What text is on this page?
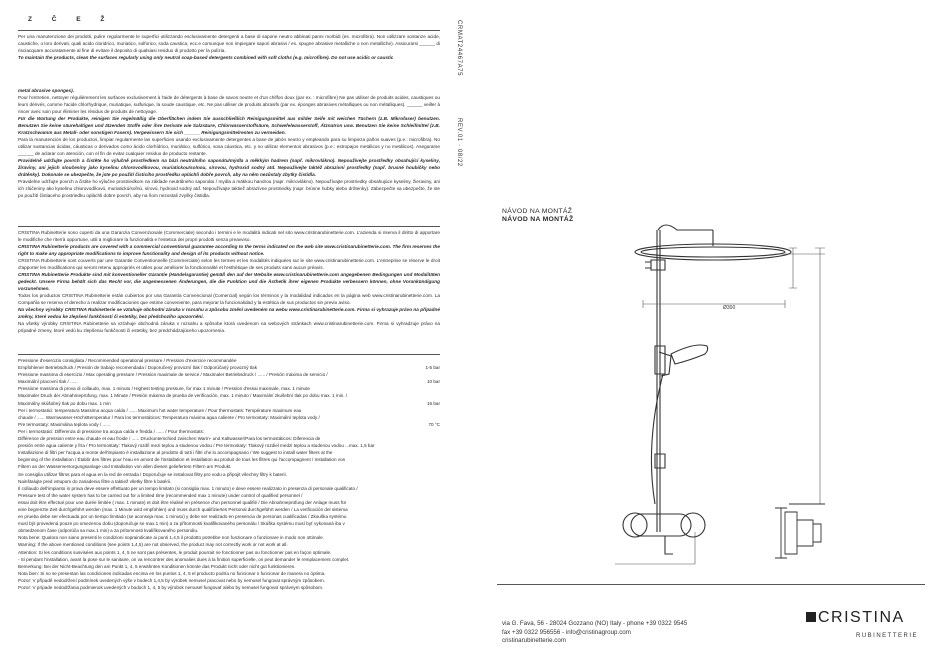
Z Č E Ž

Per una manutenzione dei prodotti, pulire regolarmente le superfici utilizzando esclusivamente detergenti a base di sapone neutro abbinati panni morbidi (es. microfibra). Non utilizzare sostanze acide, caustiche, o loro derivati, quali acido cloridrico, muriatico, solforico, soda caustica, ecc.e comunque non impiegare sapori abrasivi / es. spugne abrasive metalliche o non metalliche). Assicurarsi ______ di risciacquare accuratamente al fine di evitare il deposito di qualsiasi residuo di prodotto per la pulizia.

To maintain the products, clean the surfaces regularly using only neutral soap-based detergents combined with soft cloths (e.g. microfibre). Do not use acidic or caustic

metal abrasive sponges).

Pour l'entretien, nettoyer régulièrement les surfaces exclusivement à l'aide de détergents à base de savon neutre et d'un chiffon doux (par ex. : microfibre) Ne pas utiliser de produits acides, caustiques ou leurs dérivés, comme l'acide chlorhydrique, muriatique, sulfurique, la soude caustique, etc. Ne pas utiliser de produits abrasifs (par ex. éponges abrasives métalliques ou non métalliques). ______ veiller à rincer avec soin pour éliminer les résidus de produits de nettoyage.

Für die Wartung der Produkte, reinigen Sie regelmäßig die Oberflächen indem Sie ausschließlich Reinigungsmittel aus milder Seife mit weichen Tüchern (z.B. Mikrofaser) benutzen. Benutzen Sie keine säurehaltigen und ätzenden Stoffe oder ihre Derivate wie Salzsäure, Chlorwasserstoffsäure, Schwefelwasserstoff, Ätznatron usw. Benutzen Sie keine Schleifmittel (z.B. Kratzschwamm aus Metall- oder sonstigen Fasern). Vergewissern Sie sich ______ Reinigungsmittelresten zu vermeiden.

Para la manutención de los productos, limpiar regularmente las superficies usando exclusivamente detergentes a base de jabón neutro y empleando para su limpieza paños suaves (p.e.: microfibra). No utilizar sustancias ácidas, cáusticas o derivados como ácido clorhídrico, muriático, sulfúrico, sosa cáustica, etc. y no utilizar elementos abrasivos (p.e.: estropajos metálicos y no metálicos). Asegurarse ______ de aclarar con atención, con el fin de evitar cualquier residuo de producto restante.

Pravidelně udržujte povrch a čistěte ho výlučně prostředkem na bázi neutrálního saponátu/mýdla a měkkým hadrem (např. mikrovlákno). Nepoužívejte prostředky obsahující kyseliny, žíraviny, ani jejich sloučeniny jako kyselinu chlorovodíkovou, muriatickou/solnou, sírovou, hydroxid sodný atd. Nepoužívejte taktéž abrazivní prostředky (např. brusné houbičky nebo drátěnky). Dokonale se ubezpečte, že jste po použití čisticího prostředku opláchli dobře povrch, aby na něm nezůstaly zbytky čistidla.

Pravidelne udržujte povrch a čistite ho výlučne prostriedkom na základe neutrálneho saponátu / mydla a mäkkou handrou (napr. mikrovlákno). Nepoužívajte prostriedky obsahujúce kyseliny, žieraviny, ani ich zlúčeniny ako kyselinu chlorovodíkovú, muriatickú/soľnú, sírovú, hydroxid sodný atď. Nepoužívajte taktiež abrazívne prostriedky (napr. brúsne hubky alebo drôtenky). Zabezpečte sa ubezpečte, že ste po použití čistiaceho prostriedku opláchli dobre povrch, aby na ňom nezostali zvyšky čistidla.

CRISTINA Rubinetterie sono coperti da una Garanzia Convenzionale (Commerciale) secondo i termini e le modalità indicati nel sito www.cristinarubinetterie.com. L'azienda si riserva il diritto di apportare le modifiche che riterrà opportune, utili a migliorare la funzionalità e l'estetica dei propri prodotti senza preavviso.

CRISTINA Rubinetterie products are covered with a commercial conventional guarantee according to the terms indicated on the web site www.cristinarubinetterie.com. The firm reserves the right to make any appropriate modifications to improve functionality and design of its products without notice.

CRISTINA Rubinetterie sont couverts par une Garantie Conventionnelle (Commerciale) selon les termes et les modalités indiquées sur le site www.cristinarubinetterie.com. L'entreprise se réserve le droit d'apporter les modifications qui seront retenu appropriés et utiles pour améliorer la fonctionnalité et l'esthétique de ses produits sans aucun préavis.

CRISTINA Rubinetterie Produkte sind mit konventioneller Garantie (Handelsgarantie) gemäß den auf der Website www.cristinarubinetterie.com angegebenen Bedingungen und Modalitäten gedeckt. Unsere Firma behält sich das Recht vor, die angemessenen Änderungen, die die Funktion und die Ästhetik ihrer eigenen Produkte verbessern können, ohne Vorankündigung vorzunehmen.

Todos los productos CRISTINA Rubinetterie están cubiertos por una Garantía Convencional (Comercial) según los términos y la modalidad indicados en la página web www.cristinarubinetterie.com. La Compañía se reserva el derecho a realizar modificaciones que estime conveniente, para mejorar la funcionalidad y la estética de sus productos sin previo aviso.

Na všechny výrobky CRISTINA Rubinetterie se vztahuje obchodní záruka v rozsahu a způsobu změní uvedeném na webu www.cristinarubinetterie.com. Firma si vyhrazuje právo na případné změny, které vedou ke zlepšení funkčnosti či estetiky, bez předchozího upozornění.

Na všetky výrobky CRISTINA Rubinetterie sa vzťahuje obchodná záruka v rozsahu a spôsobe ktorá uvedenom na webových stránkach www.cristinarubinetterie.com. Firma si vyhradzuje právo na prípadné zmeny, ktoré vedú ku zlepšeniu funkčnosti či estetiky, bez predchádzajúceho upozornenia.

Pressione d'esercizio consigliata / Recommended operational pressure / Pression d'exercice recommandée

Empfohlener Betriebsdruck / Presión de trabajo recomendada / Doporučený provozní tlak / Odporúčaný provozný tlak	1-5 bar

Pressione massima di esercizio / Max operating pressure / Pression maximale de service / Maximaler Betriebsdruck / ...... / Presión máxima de servicio /

Maximální pracovní tlak / ......	10 bar

Pressione massima di prova di collaudo, max. 1 minuto / Highest testing pressure, for max 1 minute / Pression d'essai maximale, max. 1 minute

Maximaler Druck der Abnahmeprüfung, max. 1 Minute / Presión máxima de prueba de verificación, max. 1 minuto / Maximální zkušební tlak po dobu max. 1 min. /

Maximálny skúšobný tlak po dobu max. 1 min	16 bar

Per i termostatici: temperatura Massima acqua calda / ...... Maximum hot water temperature / Pour thermostats: Température maximum eau

chaude / ...... Warmwasser-Höchsttemperatur / Para los termostáticos: Temperatura máxima agua caliente / Pro termostaty: Maximální teplota vody /

Pre termostaty: Maximálna teplota vody / ......	70 °C

Per i termostatici: Differenza di pressione tra acqua calda e fredda / ...... / Pour thermostats:

Différence de pression entre eau chaude et eau froide / ...... Druckunterschied zwischen Warm- und Kaltwasser/Para los termostáticos: Diferencia de

presión entre agua caliente y fría / Pro termostaty: Tlakový rozdíl mezi teplou a studenou vodou / Pre termostaty: Tlakový rozdiel medzi teplou a studenou vodou ...max. 1,5 bar

Installazione di filtri per l'acqua a monte dell'impianto è installazione al prodotto di tutti i filtri che lo accompagnano / We suggest to install water filters at the

beginning of the installation / Établir des filtres pour l'eau en amont de l'installation et installation au produit de tous les filtres qui l'accompagnent / Installation von

Filtern an der Wasserversorgungsanlage und Installation von allen diesen geliefertem Filtern am Produkt.

Se consiglia utilizar filtros para el agua en la red de entrada / Doporučuje se instalovat filtry pro vodu a připojit všechny filtry k baterii.

Nainštalujte pred vstupom do zariadenia filtre a taktiež všetky filtre k batérii.

Il collaudo dell'impianto in prova deve essere effettuato per un tempo limitato (si consiglia max. 1 minuto) e deve essere realizzato in presenza di personale qualificato /

Pressure test of the water system has to be carried out for a limited time (recommended max 1 minute) under control of qualified personnel /

essai doit être effectué pour une durée limitée ( max. 1 minute) et doit être réalisé en présence d'un personnel qualifié / Die Abnahmeprüfung der Anlage muss für

eine begrenzte Zeit durchgeführt werden (max. 1 Minute wird empfohlen) und muss durch qualifiziertes Personal durchgeführt werden / La verificación del sistema

en prueba debe ser efectuada por un tiempo limitado (se aconseja max. 1 minuto) y debe ser realizado en presencia de personas cualificadas / Zkouška systému

musí být provedená pouze po omezenou dobu (doporučuje se max.1 min) a za přítomnosti kvalifikovaného personálu / Skúška systému musí byť vykonaná iba v

obmedzenom čase (odporúča sa max.1 min) a za prítomnosti kvalifikovaného personálu.

Nota bene: Qualora non siano presenti le condizioni sopraindicate ai punti 1,4,5 il prodotto potrebbe non funzionare o funzionare in modo non ottimale.

Warning: If the above mentioned conditions (see points 1,4,5) are not observed, the product may not correctly work or not work at all.

Attention: Si les conditions susvisées aux points 1, 4, 5 ne sont pas présentes, le produit pourrait ne fonctionner pas ou fonctionner pas en façon optimale.

- Si pendant l'installation, avant la pose sur le sanitaire, on va rencontrer des anomalies dues à la finition superficielle, on peut demander le remplacement complet.

Bemerkung: Bei der Nicht-Beachtung den am Punkt 1, 4, 5 erwähnten Konditionen könnte das Produkt nicht oder nicht gut funktionieren.

Nota bien: Si no se presentan las condiciones indicadas encima en los puntos 1, 4, 5 el producto podría no funcionar o funcionar de manera no óptima.

Pozor: V případě nedodržení podmínek uvedených výše v bodech 1,4,5 by výrobek nemusel pracovat nebo by nemusel fungovat správným způsobem.

Pozor: V prípade nedodržania podmienok uvedených v bodoch 1, 4, 5 by výrobok nemusel fungovať alebo by nemusel fungovať správnym spôsobom.

CRMAT24467A75
REV.01 · 08/22
NÁVOD NA MONTÁŽ
NÁVOD NA MONTÁŽ
Ø300
via G. Fava, 56 - 28024 Gozzano (NO) Italy - phone +39 0322 9545
fax +39 0322 956556 - info@cristinagroup.com
cristinarubinetterie.com
CRISTINA
RUBINETTERIE
